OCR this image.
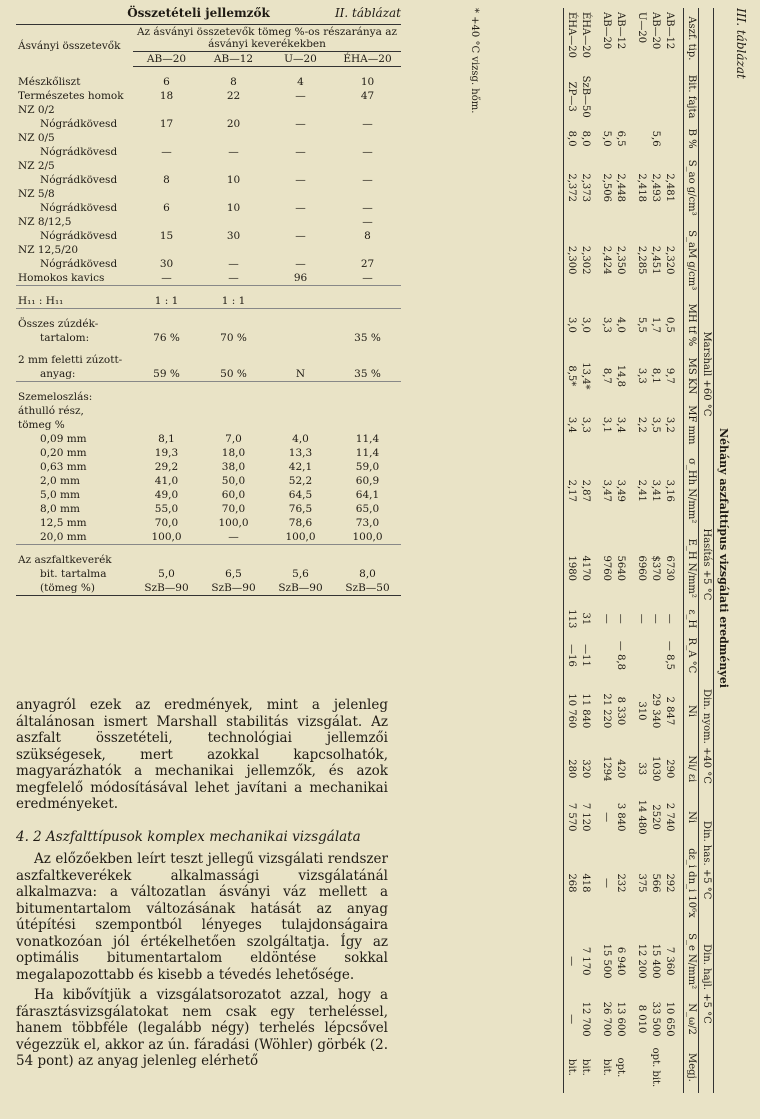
II. táblázat
Összetételi jellemzők
Ásványi összetevők	Az ásványi összetevők tömeg %-os részaránya az ásványi keverékekben			
	AB—20	AB—12	U—20	ÉHA—20

Mészkőliszt	6	8	4	10
Természetes homok	18	22	—	47
NZ 0/2				
Nógrádkövesd	17	20	—	—
NZ 0/5				
Nógrádkövesd	—	—	—	—
NZ 2/5				
Nógrádkövesd	8	10	—	—
NZ 5/8				
Nógrádkövesd	6	10	—	—
NZ 8/12,5				—
Nógrádkövesd	15	30	—	8
NZ 12,5/20				
Nógrádkövesd	30	—	—	27
Homokos kavics	—	—	96	—

H₁₁ : H₁₁	1 : 1	1 : 1		

Összes zúzdék-				
tartalom:	76 %	70 %		35 %

2 mm feletti zúzott-				
anyag:	59 %	50 %	N	35 %

Szemeloszlás:				
áthulló rész,				
tömeg %				
0,09 mm	8,1	7,0	4,0	11,4
0,20 mm	19,3	18,0	13,3	11,4
0,63 mm	29,2	38,0	42,1	59,0
2,0 mm	41,0	50,0	52,2	60,9
5,0 mm	49,0	60,0	64,5	64,1
8,0 mm	55,0	70,0	76,5	65,0
12,5 mm	70,0	100,0	78,6	73,0
20,0 mm	100,0	—	100,0	100,0

Az aszfaltkeverék				
bit. tartalma	5,0	6,5	5,6	8,0
(tömeg %)	SzB—90	SzB—90	SzB—90	SzB—50

anyagról ezek az eredmények, mint a jelenleg általánosan ismert Marshall stabilitás vizsgálat. Az aszfalt összetételi, technológiai jellemzői szükségesek, mert azokkal kapcsolhatók, magyarázhatók a mechanikai jellemzők, és azok megfelelő módosításával lehet javítani a mechanikai eredményeket.

4. 2 Aszfalttípusok komplex mechanikai vizsgálata

Az előzőekben leírt teszt jellegű vizsgálati rendszer aszfaltkeverékek alkalmassági vizsgálatánál alkalmazva: a változatlan ásványi váz mellett a bitumentartalom változásának hatását az anyag útépítési szempontból lényeges tulajdonságaira vonatkozóan jól értékelhetően szolgáltatja. Így az optimális bitumentartalom eldöntése sokkal megalapozottabb és kisebb a tévedés lehetősége.

Ha kibővítjük a vizsgálatsorozatot azzal, hogy a fárasztásvizsgálatokat nem csak egy terheléssel, hanem többféle (legalább négy) terhelés lépcsővel végezzük el, akkor az ún. fáradási (Wöhler) görbék (2. 54 pont) az anyag jelenleg elérhető

III. táblázat
Néhány aszfalttípus vizsgálati eredményei
					Marshall +60 °C			Hasítás +5 °C				Din. nyom. +40 °C		Din. has. +5 °C		Din. hajl. +5 °C		
Aszf. tip.	Bit. fajta	B %	S_ao g/cm³	S_aM g/cm³	MH tf %	MS KN	MF mm	σ_Hh N/mm²	E_H N/mm²	ε_H	R_A °C	Ni	Ni/ εi	Ni	dε_i dn_i 10⁶x	S_e N/mm²	N_ω/2	Megj.
AB—12			2,481	2,320	0,5	9,7	3,2	3,16	6730	—	— 8,5	2 847	290	2 740	292	7 360	10 650	
AB—20		5,6	2,493	2,451	1,7	8,1	3,5	3,41	$370	—		29 340	1030	2520	566	15 400	33 500	opt. bit.
U—20			2,418	2,285	5,5	3,3	2,2	2,41	6960	—		310	33	14 480	375	12 200	8 010	
AB—12		6,5	2,448	2,350	4,0	14,8	3,4	3,49	5640	—	— 8,8	8 330	420	3 840	232	6 940	13 600	opt.
AB—20		5,0	2,506	2,424	3,3	8,7	3,1	3,47	9760	—		21 220	1294	—	—	15 500	26 700	bit.
ÉHA—20	SzB—50	8,0	2,373	2,302	3,0	13,4*	3,3	2,87	4170	31	—11	11 840	320	7 120	418	7 170	12 700	bit.
ÉHA—20	ZP—3	8,0	2,372	2,300	3,0	8,5*	3,4	2,17	1980	113	—16	10 760	280	7 570	268	—	—	bit.
* +40 °C vizsg. hőm.
